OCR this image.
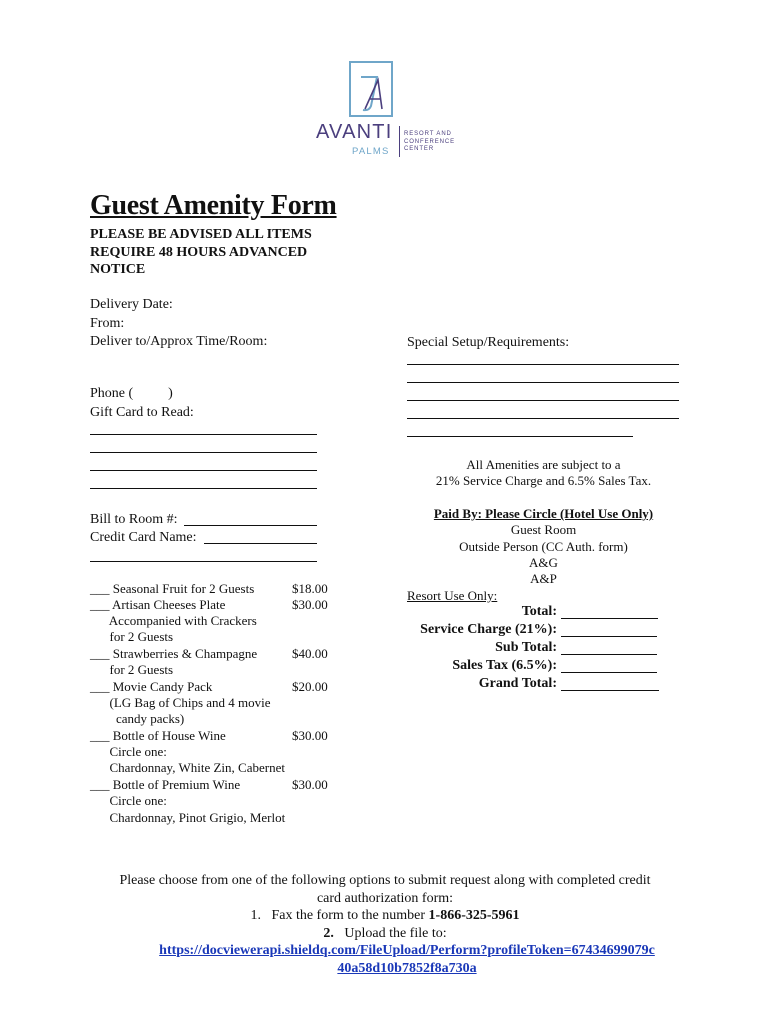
AVANTI
PALMS
RESORT AND
CONFERENCE
CENTER
Guest Amenity Form
PLEASE BE ADVISED ALL ITEMS REQUIRE 48 HOURS ADVANCED NOTICE
Delivery Date:
From:
Deliver to/Approx Time/Room:
Phone (          )
Gift Card to Read:
Bill to Room #:
Credit Card Name:
___ Seasonal Fruit for 2 Guests	$18.00
___ Artisan Cheeses Plate	$30.00
Accompanied with Crackers
for 2 Guests
___ Strawberries & Champagne	$40.00
for 2 Guests
___ Movie Candy Pack	$20.00
(LG Bag of Chips and 4 movie
candy packs)
___ Bottle of House Wine	$30.00
Circle one:
Chardonnay, White Zin, Cabernet
___ Bottle of Premium Wine	$30.00
Circle one:
Chardonnay, Pinot Grigio, Merlot
Special Setup/Requirements:
All Amenities are subject to a
21% Service Charge and 6.5% Sales Tax.
Paid By: Please Circle (Hotel Use Only)
Guest Room
Outside Person (CC Auth. form)
A&G
A&P
Resort Use Only:
Total:
Service Charge (21%):
Sub Total:
Sales Tax (6.5%):
Grand Total:
Please choose from one of the following options to submit request along with completed credit
card authorization form:
1. Fax the form to the number 1-866-325-5961
2. Upload the file to:
https://docviewerapi.shieldq.com/FileUpload/Perform?profileToken=67434699079c
40a58d10b7852f8a730a
